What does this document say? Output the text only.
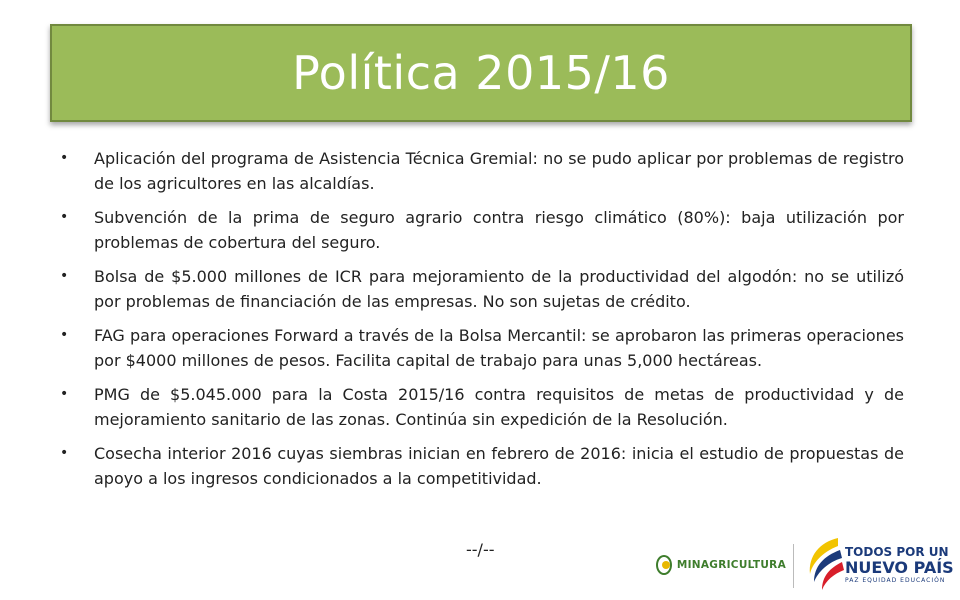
Política 2015/16
• Aplicación del programa de Asistencia Técnica Gremial: no se pudo aplicar por problemas de registro de los agricultores en las alcaldías.
• Subvención de la prima de seguro agrario contra riesgo climático (80%): baja utilización por problemas de cobertura del seguro.
• Bolsa de $5.000 millones de ICR para mejoramiento de la productividad del algodón: no se utilizó por problemas de financiación de las empresas. No son sujetas de crédito.
• FAG para operaciones Forward a través de la Bolsa Mercantil: se aprobaron las primeras operaciones por $4000 millones de pesos. Facilita capital de trabajo para unas 5,000 hectáreas.
• PMG de $5.045.000 para la Costa 2015/16 contra requisitos de metas de productividad y de mejoramiento sanitario de las zonas. Continúa sin expedición de la Resolución.
• Cosecha interior 2016 cuyas siembras inician en febrero de 2016: inicia el estudio de propuestas de apoyo a los ingresos condicionados a la competitividad.
--/--
MINAGRICULTURA
TODOS POR UN
NUEVO PAÍS
PAZ EQUIDAD EDUCACIÓN
